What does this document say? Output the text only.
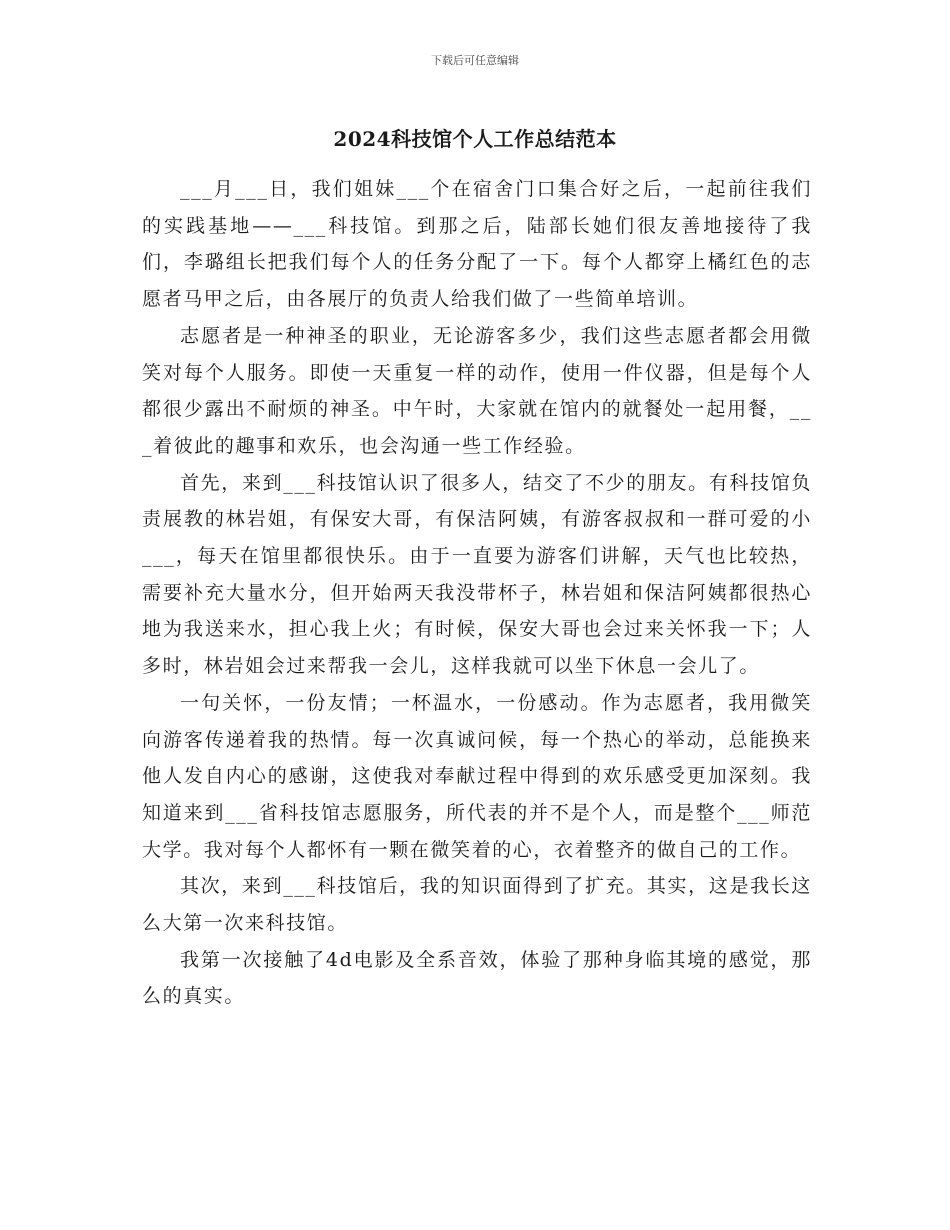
下载后可任意编辑
2024科技馆个人工作总结范本

___月___日，我们姐妹___个在宿舍门口集合好之后，一起前往我们的实践基地——___科技馆。到那之后，陆部长她们很友善地接待了我们，李璐组长把我们每个人的任务分配了一下。每个人都穿上橘红色的志愿者马甲之后，由各展厅的负责人给我们做了一些简单培训。

志愿者是一种神圣的职业，无论游客多少，我们这些志愿者都会用微笑对每个人服务。即使一天重复一样的动作，使用一件仪器，但是每个人都很少露出不耐烦的神圣。中午时，大家就在馆内的就餐处一起用餐，___着彼此的趣事和欢乐，也会沟通一些工作经验。

首先，来到___科技馆认识了很多人，结交了不少的朋友。有科技馆负责展教的林岩姐，有保安大哥，有保洁阿姨，有游客叔叔和一群可爱的小___，每天在馆里都很快乐。由于一直要为游客们讲解，天气也比较热，需要补充大量水分，但开始两天我没带杯子，林岩姐和保洁阿姨都很热心地为我送来水，担心我上火；有时候，保安大哥也会过来关怀我一下；人多时，林岩姐会过来帮我一会儿，这样我就可以坐下休息一会儿了。

一句关怀，一份友情；一杯温水，一份感动。作为志愿者，我用微笑向游客传递着我的热情。每一次真诚问候，每一个热心的举动，总能换来他人发自内心的感谢，这使我对奉献过程中得到的欢乐感受更加深刻。我知道来到___省科技馆志愿服务，所代表的并不是个人，而是整个___师范大学。我对每个人都怀有一颗在微笑着的心，衣着整齐的做自己的工作。

其次，来到___科技馆后，我的知识面得到了扩充。其实，这是我长这么大第一次来科技馆。

我第一次接触了4d电影及全系音效，体验了那种身临其境的感觉，那么的真实。
